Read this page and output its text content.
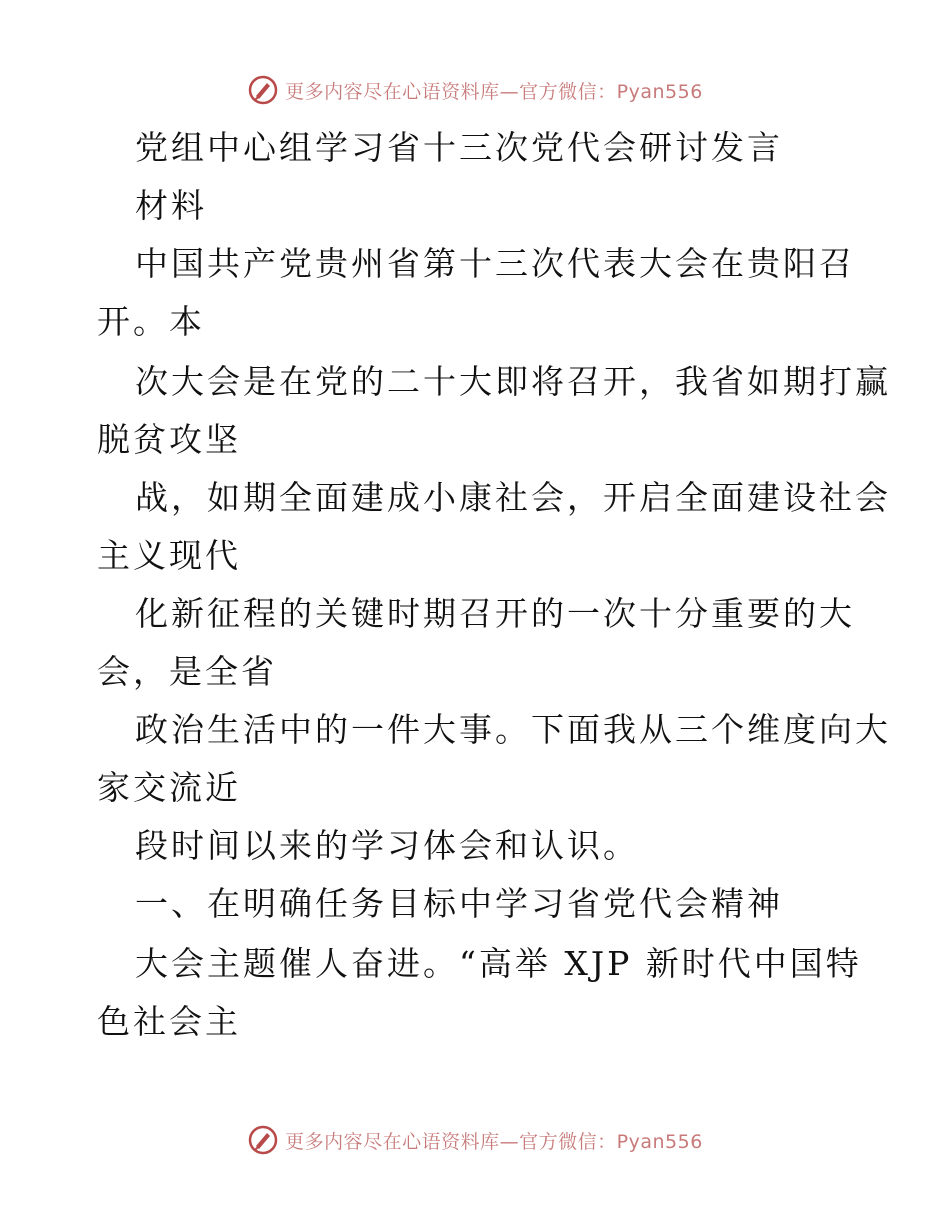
更多内容尽在心语资料库—官方微信：Pyan556
党组中心组学习省十三次党代会研讨发言
材料
中国共产党贵州省第十三次代表大会在贵阳召
开。本
次大会是在党的二十大即将召开，我省如期打赢
脱贫攻坚
战，如期全面建成小康社会，开启全面建设社会
主义现代
化新征程的关键时期召开的一次十分重要的大
会，是全省
政治生活中的一件大事。下面我从三个维度向大
家交流近
段时间以来的学习体会和认识。
一、在明确任务目标中学习省党代会精神
大会主题催人奋进。“高举 XJP 新时代中国特
色社会主
更多内容尽在心语资料库—官方微信：Pyan556
